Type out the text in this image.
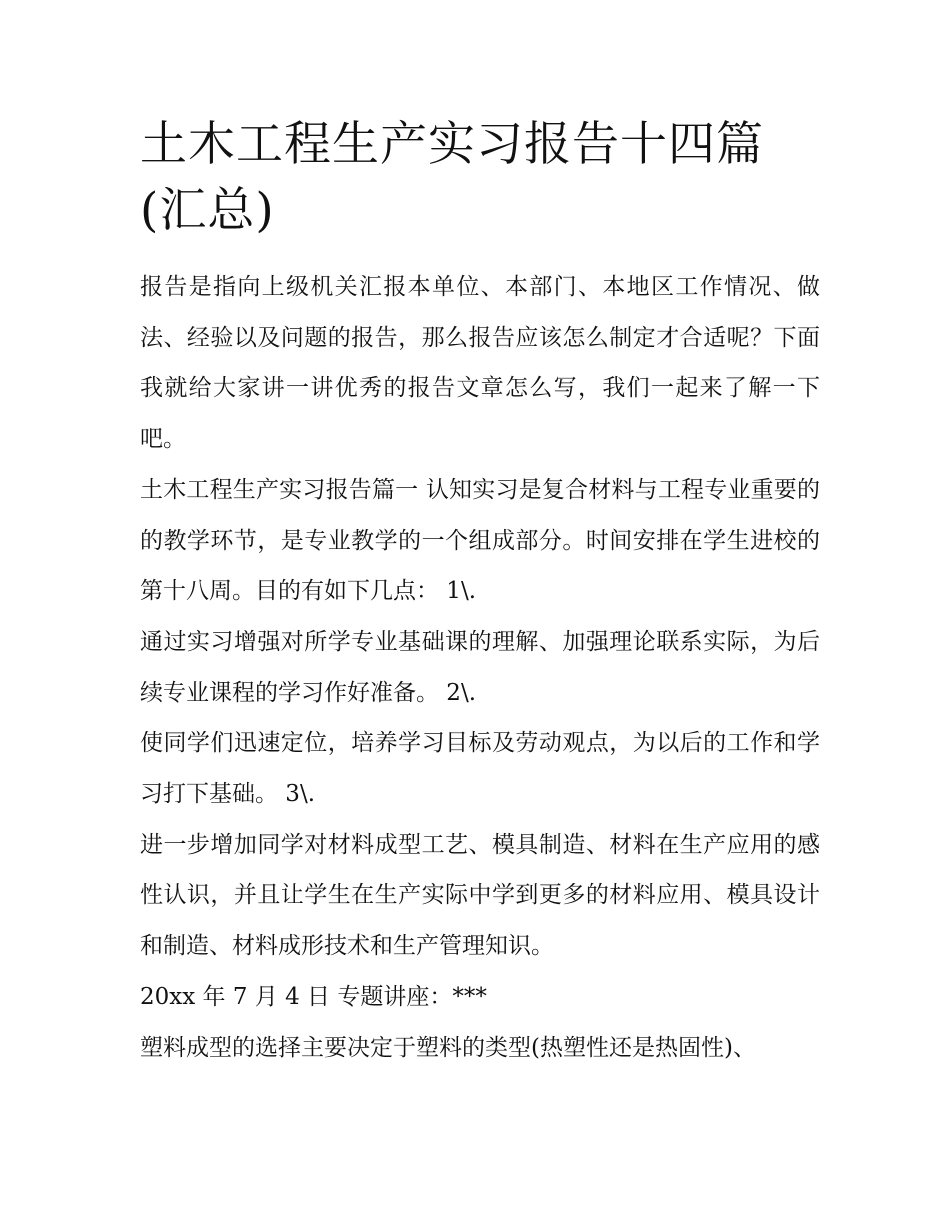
土木工程生产实习报告十四篇(汇总)

报告是指向上级机关汇报本单位、本部门、本地区工作情况、做法、经验以及问题的报告，那么报告应该怎么制定才合适呢？下面我就给大家讲一讲优秀的报告文章怎么写，我们一起来了解一下吧。

土木工程生产实习报告篇一 认知实习是复合材料与工程专业重要的的教学环节，是专业教学的一个组成部分。时间安排在学生进校的第十八周。目的有如下几点： 1\.

通过实习增强对所学专业基础课的理解、加强理论联系实际，为后续专业课程的学习作好准备。 2\.

使同学们迅速定位，培养学习目标及劳动观点，为以后的工作和学习打下基础。 3\.

进一步增加同学对材料成型工艺、模具制造、材料在生产应用的感性认识，并且让学生在生产实际中学到更多的材料应用、模具设计和制造、材料成形技术和生产管理知识。

20xx 年 7 月 4 日 专题讲座：***

塑料成型的选择主要决定于塑料的类型(热塑性还是热固性)、
